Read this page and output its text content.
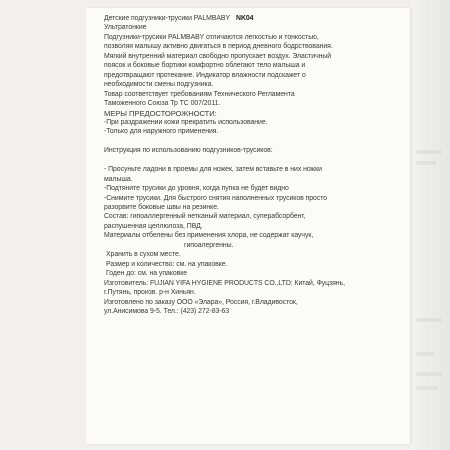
Детские подгузники-трусики PALMBABY NK04

Ультратонкие

Подгузники-трусики PALMBABY отличаются легкостью и тонкостью,

позволяя малышу активно двигаться в период дневного бодрствования.

Мягкий внутренний материал свободно пропускает воздух. Эластичный

поясок и боковые бортики комфортно облегают тело малыша и

предотвращают протекание. Индикатор влажности подскажет о

необходимости смены подгузника.

Товар соответствует требованиям Технического Регламента

Таможенного Союза Тр ТС 007/2011.

МЕРЫ ПРЕДОСТОРОЖНОСТИ:

-При раздражении кожи прекратить использование.

-Только для наружного применения.

Инструкция по использованию подгузников-трусиков:

- Просуньте ладони в проемы для ножек, затем вставьте в них ножки

малыша.

-Подтяните трусики до уровня, когда пупка не будет видно

-Снимите трусики. Для быстрого снятия наполненных трусиков просто

разорвите боковые швы на резинке.

Состав: гипоаллергенный нетканый материал, суперабсорбент,

распушенная целлюлоза, ПВД.

Материалы отбелены без применения хлора, не содержат каучук,

гипоалергенны.

Хранить в сухом месте.

Размер и количество: см. на упаковке.

Годен до: см. на упаковке

Изготовитель: FUJIAN YIFA HYGIENE PRODUCTS CO.,LTD: Китай, Фуцзянь,

г.Путянь, произв. р-н Хиньян.

Изготовлено по заказу ООО «Элара», Россия, г.Владивосток,

ул.Анисимова 9-5. Тел.: (423) 272-83-63
